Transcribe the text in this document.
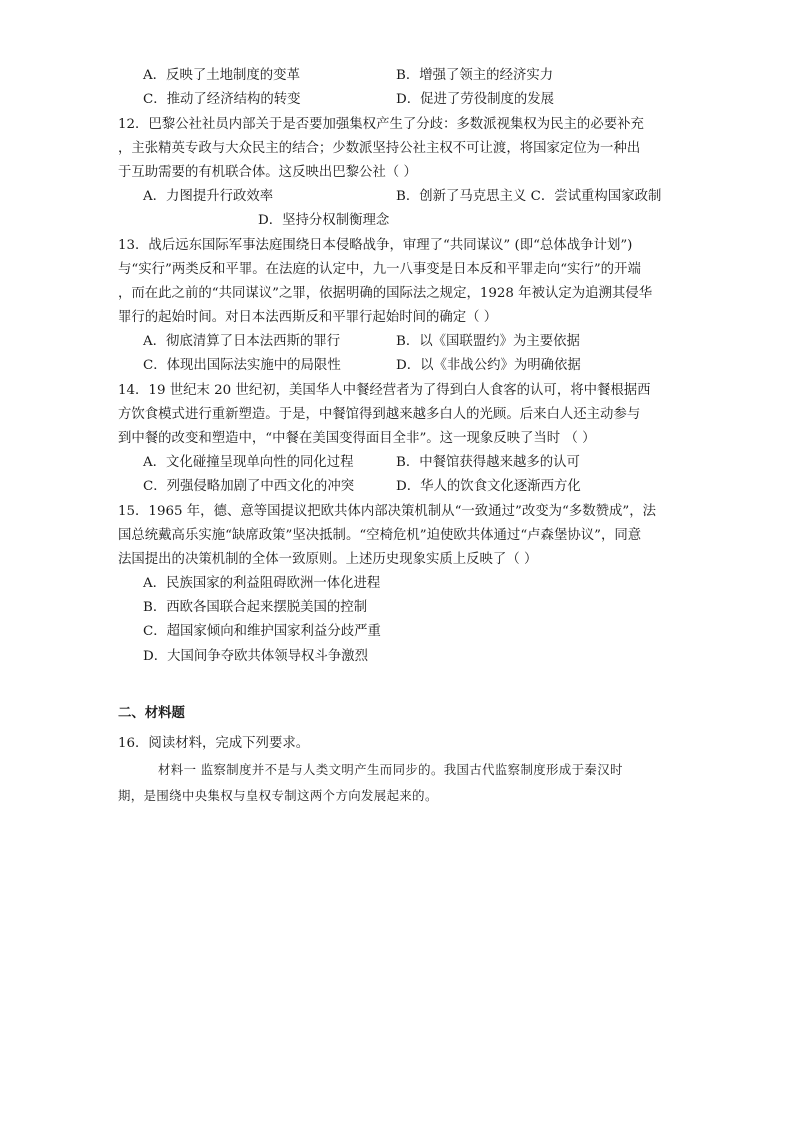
A．反映了土地制度的变革	B．增强了领主的经济实力
C．推动了经济结构的转变	D．促进了劳役制度的发展
12．巴黎公社社员内部关于是否要加强集权产生了分歧：多数派视集权为民主的必要补充
，主张精英专政与大众民主的结合；少数派坚持公社主权不可让渡，将国家定位为一种出
于互助需要的有机联合体。这反映出巴黎公社（ ）
A．力图提升行政效率	B．创新了马克思主义 C．尝试重构国家政制
D．坚持分权制衡理念
13．战后远东国际军事法庭围绕日本侵略战争，审理了“共同谋议” (即“总体战争计划”)
与“实行”两类反和平罪。在法庭的认定中，九一八事变是日本反和平罪走向“实行”的开端
，而在此之前的“共同谋议”之罪，依据明确的国际法之规定，1928 年被认定为追溯其侵华
罪行的起始时间。对日本法西斯反和平罪行起始时间的确定（ ）
A．彻底清算了日本法西斯的罪行	B．以《国联盟约》为主要依据
C．体现出国际法实施中的局限性	D．以《非战公约》为明确依据
14．19 世纪末 20 世纪初，美国华人中餐经营者为了得到白人食客的认可，将中餐根据西
方饮食模式进行重新塑造。于是，中餐馆得到越来越多白人的光顾。后来白人还主动参与
到中餐的改变和塑造中，“中餐在美国变得面目全非”。这一现象反映了当时 （ ）
A．文化碰撞呈现单向性的同化过程	B．中餐馆获得越来越多的认可
C．列强侵略加剧了中西文化的冲突	D．华人的饮食文化逐渐西方化
15．1965 年，德、意等国提议把欧共体内部决策机制从“一致通过”改变为“多数赞成”，法
国总统戴高乐实施“缺席政策”坚决抵制。“空椅危机”迫使欧共体通过“卢森堡协议”，同意
法国提出的决策机制的全体一致原则。上述历史现象实质上反映了（ ）
A．民族国家的利益阻碍欧洲一体化进程
B．西欧各国联合起来摆脱美国的控制
C．超国家倾向和维护国家利益分歧严重
D．大国间争夺欧共体领导权斗争激烈
二、材料题
16．阅读材料，完成下列要求。
材料一 监察制度并不是与人类文明产生而同步的。我国古代监察制度形成于秦汉时
期，是围绕中央集权与皇权专制这两个方向发展起来的。
